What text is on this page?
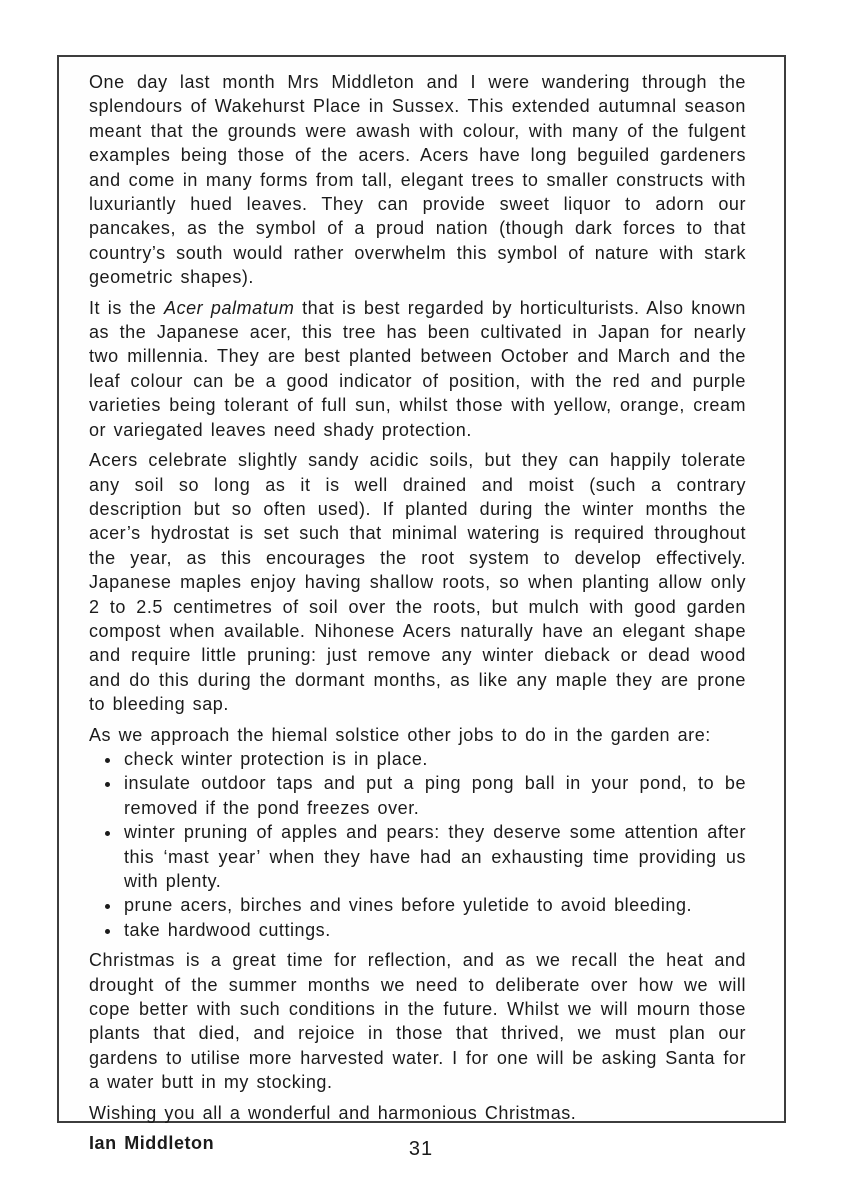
One day last month Mrs Middleton and I were wandering through the splendours of Wakehurst Place in Sussex. This extended autumnal season meant that the grounds were awash with colour, with many of the fulgent examples being those of the acers. Acers have long beguiled gardeners and come in many forms from tall, elegant trees to smaller constructs with luxuriantly hued leaves. They can provide sweet liquor to adorn our pancakes, as the symbol of a proud nation (though dark forces to that country’s south would rather overwhelm this symbol of nature with stark geometric shapes).

It is the Acer palmatum that is best regarded by horticulturists. Also known as the Japanese acer, this tree has been cultivated in Japan for nearly two millennia. They are best planted between October and March and the leaf colour can be a good indicator of position, with the red and purple varieties being tolerant of full sun, whilst those with yellow, orange, cream or variegated leaves need shady protection.

Acers celebrate slightly sandy acidic soils, but they can happily tolerate any soil so long as it is well drained and moist (such a contrary description but so often used). If planted during the winter months the acer’s hydrostat is set such that minimal watering is required throughout the year, as this encourages the root system to develop effectively. Japanese maples enjoy having shallow roots, so when planting allow only 2 to 2.5 centimetres of soil over the roots, but mulch with good garden compost when available. Nihonese Acers naturally have an elegant shape and require little pruning: just remove any winter dieback or dead wood and do this during the dormant months, as like any maple they are prone to bleeding sap.

As we approach the hiemal solstice other jobs to do in the garden are:

• check winter protection is in place.
• insulate outdoor taps and put a ping pong ball in your pond, to be removed if the pond freezes over.
• winter pruning of apples and pears: they deserve some attention after this ‘mast year’ when they have had an exhausting time providing us with plenty.
• prune acers, birches and vines before yuletide to avoid bleeding.
• take hardwood cuttings.

Christmas is a great time for reflection, and as we recall the heat and drought of the summer months we need to deliberate over how we will cope better with such conditions in the future. Whilst we will mourn those plants that died, and rejoice in those that thrived, we must plan our gardens to utilise more harvested water. I for one will be asking Santa for a water butt in my stocking.

Wishing you all a wonderful and harmonious Christmas.

Ian Middleton	31
